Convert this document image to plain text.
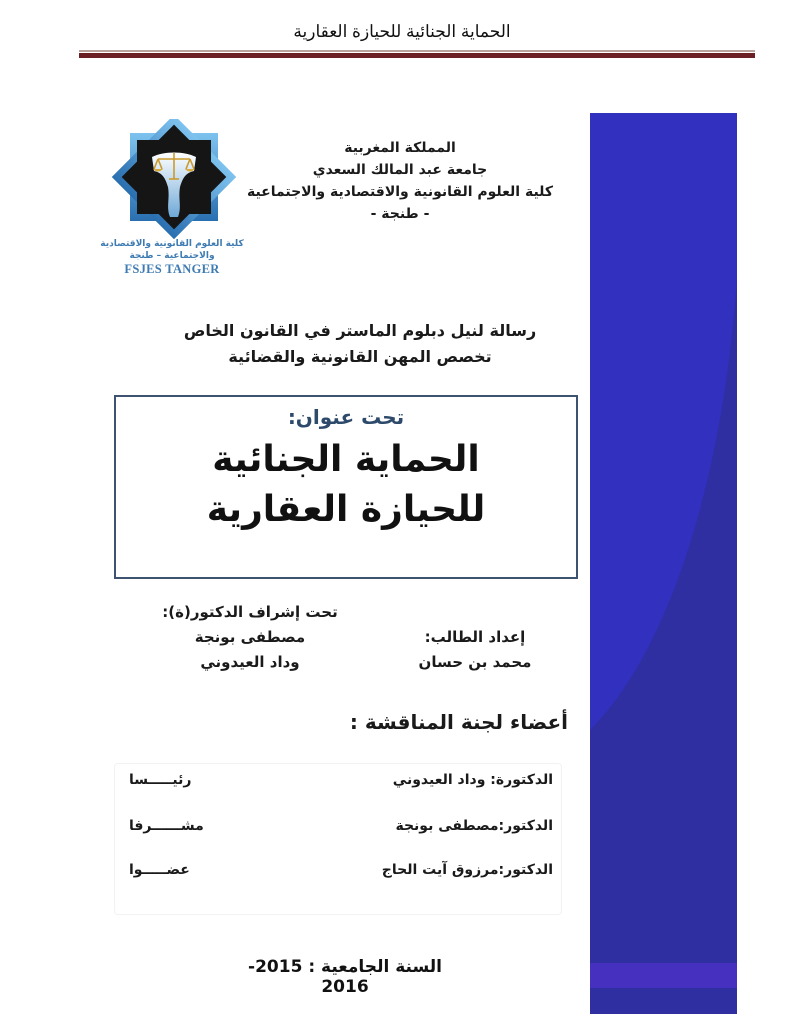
الحماية الجنائية للحيازة العقارية
كلية العلوم القانونية والاقتصادية
والاجتماعية – طنجة
FSJES TANGER
المملكة المغربية
جامعة عبد المالك السعدي
كلية العلوم القانونية والاقتصادية والاجتماعية
- طنجة -
رسالة لنيل دبلوم الماستر في القانون الخاص
تخصص المهن القانونية والقضائية
تحت عنوان:
الحماية الجنائية للحيازة العقارية
تحت إشراف الدكتور(ة):
مصطفى بونجة
وداد العيدوني
إعداد الطالب:
محمد بن حسان
أعضاء لجنة المناقشة :
الدكتورة: وداد العيدوني
رئيـــــسا
الدكتور:مصطفى بونجة
مشــــــرفا
الدكتور:مرزوق آيت الحاج
عضـــــوا
السنة الجامعية : 2015-2016
